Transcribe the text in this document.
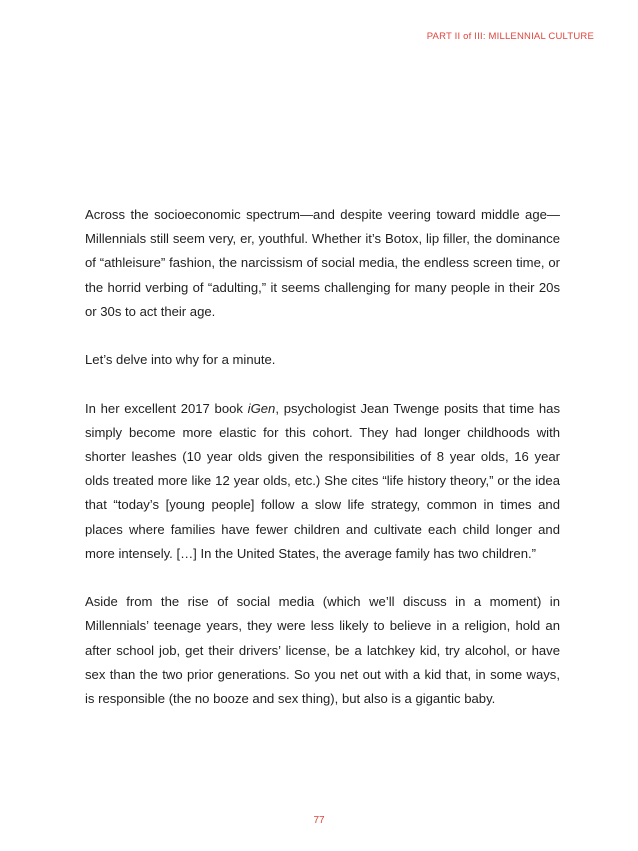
PART II of III: MILLENNIAL CULTURE

Across the socioeconomic spectrum—and despite veering toward middle age—Millennials still seem very, er, youthful. Whether it’s Botox, lip filler, the dominance of “athleisure” fashion, the narcissism of social media, the endless screen time, or the horrid verbing of “adulting,” it seems challenging for many people in their 20s or 30s to act their age.

Let’s delve into why for a minute.

In her excellent 2017 book iGen, psychologist Jean Twenge posits that time has simply become more elastic for this cohort. They had longer childhoods with shorter leashes (10 year olds given the responsibilities of 8 year olds, 16 year olds treated more like 12 year olds, etc.) She cites “life history theory,” or the idea that “today’s [young people] follow a slow life strategy, common in times and places where families have fewer children and cultivate each child longer and more intensely. […] In the United States, the average family has two children.”

Aside from the rise of social media (which we’ll discuss in a moment) in Millennials’ teenage years, they were less likely to believe in a religion, hold an after school job, get their drivers’ license, be a latchkey kid, try alcohol, or have sex than the two prior generations. So you net out with a kid that, in some ways, is responsible (the no booze and sex thing), but also is a gigantic baby.

77
